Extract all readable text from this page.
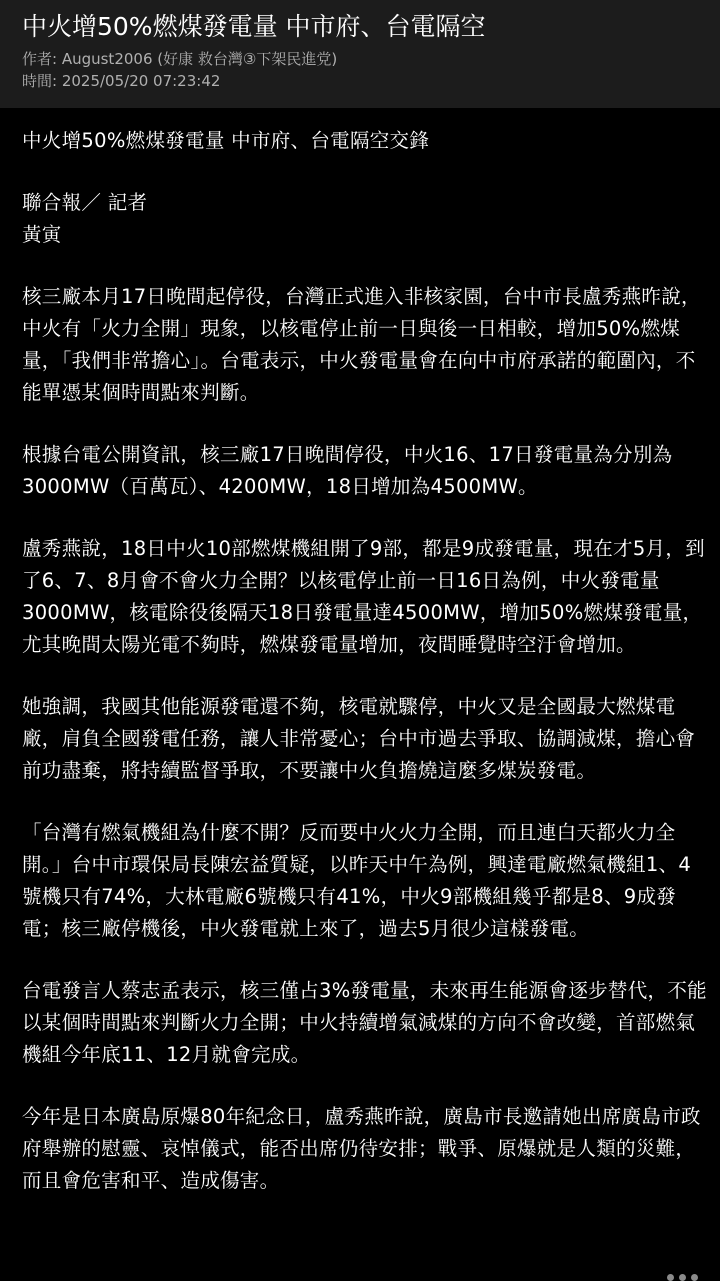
中火增50%燃煤發電量 中市府、台電隔空
作者: August2006 (好康 救台灣③下架民進党)
時間: 2025/05/20 07:23:42

中火增50%燃煤發電量 中市府、台電隔空交鋒

聯合報／ 記者

黃寅

核三廠本月17日晚間起停役，台灣正式進入非核家園，台中市長盧秀燕昨說，中火有「火力全開」現象，以核電停止前一日與後一日相較，增加50%燃煤量，「我們非常擔心」。台電表示，中火發電量會在向中市府承諾的範圍內，不能單憑某個時間點來判斷。

根據台電公開資訊，核三廠17日晚間停役，中火16、17日發電量為分別為3000MW（百萬瓦）、4200MW，18日增加為4500MW。

盧秀燕說，18日中火10部燃煤機組開了9部，都是9成發電量，現在才5月，到了6、7、8月會不會火力全開？以核電停止前一日16日為例，中火發電量3000MW，核電除役後隔天18日發電量達4500MW，增加50%燃煤發電量，尤其晚間太陽光電不夠時，燃煤發電量增加，夜間睡覺時空汙會增加。

她強調，我國其他能源發電還不夠，核電就驟停，中火又是全國最大燃煤電廠，肩負全國發電任務，讓人非常憂心；台中市過去爭取、協調減煤，擔心會前功盡棄，將持續監督爭取，不要讓中火負擔燒這麼多煤炭發電。

「台灣有燃氣機組為什麼不開？反而要中火火力全開，而且連白天都火力全開。」台中市環保局長陳宏益質疑，以昨天中午為例，興達電廠燃氣機組1、4號機只有74%，大林電廠6號機只有41%，中火9部機組幾乎都是8、9成發電；核三廠停機後，中火發電就上來了，過去5月很少這樣發電。

台電發言人蔡志孟表示，核三僅占3%發電量，未來再生能源會逐步替代，不能以某個時間點來判斷火力全開；中火持續增氣減煤的方向不會改變，首部燃氣機組今年底11、12月就會完成。

今年是日本廣島原爆80年紀念日，盧秀燕昨說，廣島市長邀請她出席廣島市政府舉辦的慰靈、哀悼儀式，能否出席仍待安排；戰爭、原爆就是人類的災難，而且會危害和平、造成傷害。
